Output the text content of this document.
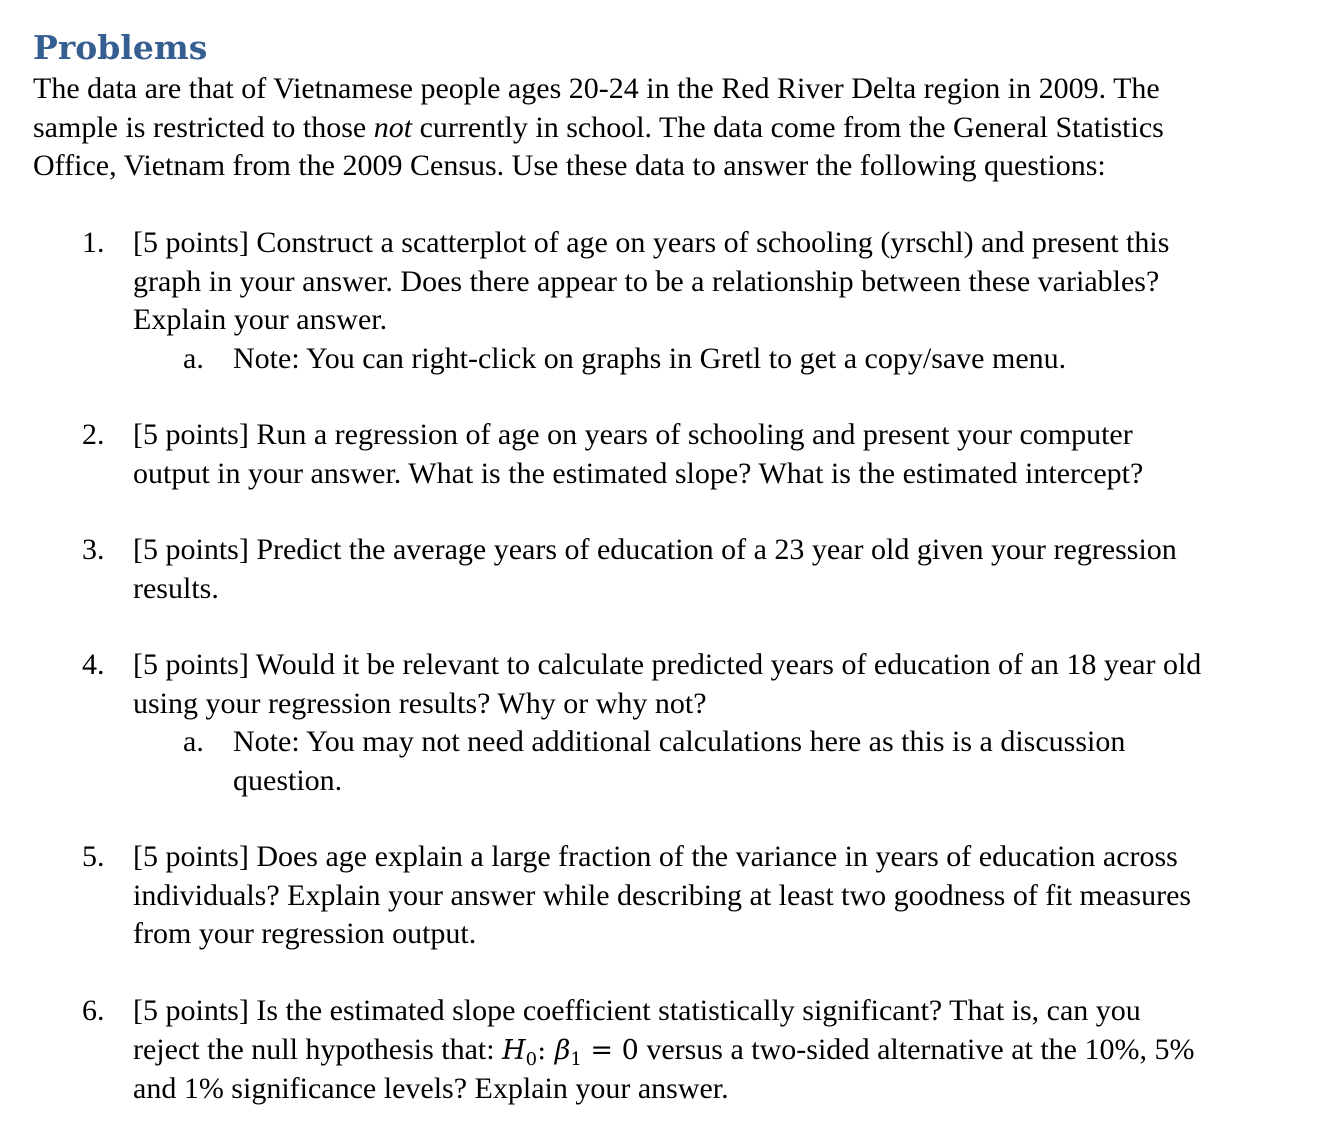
Problems

The data are that of Vietnamese people ages 20-24 in the Red River Delta region in 2009. The
sample is restricted to those not currently in school. The data come from the General Statistics
Office, Vietnam from the 2009 Census. Use these data to answer the following questions:

1. [5 points] Construct a scatterplot of age on years of schooling (yrschl) and present this
graph in your answer. Does there appear to be a relationship between these variables?
Explain your answer.
a. Note: You can right-click on graphs in Gretl to get a copy/save menu.
2. [5 points] Run a regression of age on years of schooling and present your computer
output in your answer. What is the estimated slope? What is the estimated intercept?
3. [5 points] Predict the average years of education of a 23 year old given your regression
results.
4. [5 points] Would it be relevant to calculate predicted years of education of an 18 year old
using your regression results? Why or why not?
a. Note: You may not need additional calculations here as this is a discussion
question.
5. [5 points] Does age explain a large fraction of the variance in years of education across
individuals? Explain your answer while describing at least two goodness of fit measures
from your regression output.
6. [5 points] Is the estimated slope coefficient statistically significant? That is, can you
reject the null hypothesis that: $H_0$: $\beta_1 = 0$ versus a two-sided alternative at the 10%, 5%
and 1% significance levels? Explain your answer.
